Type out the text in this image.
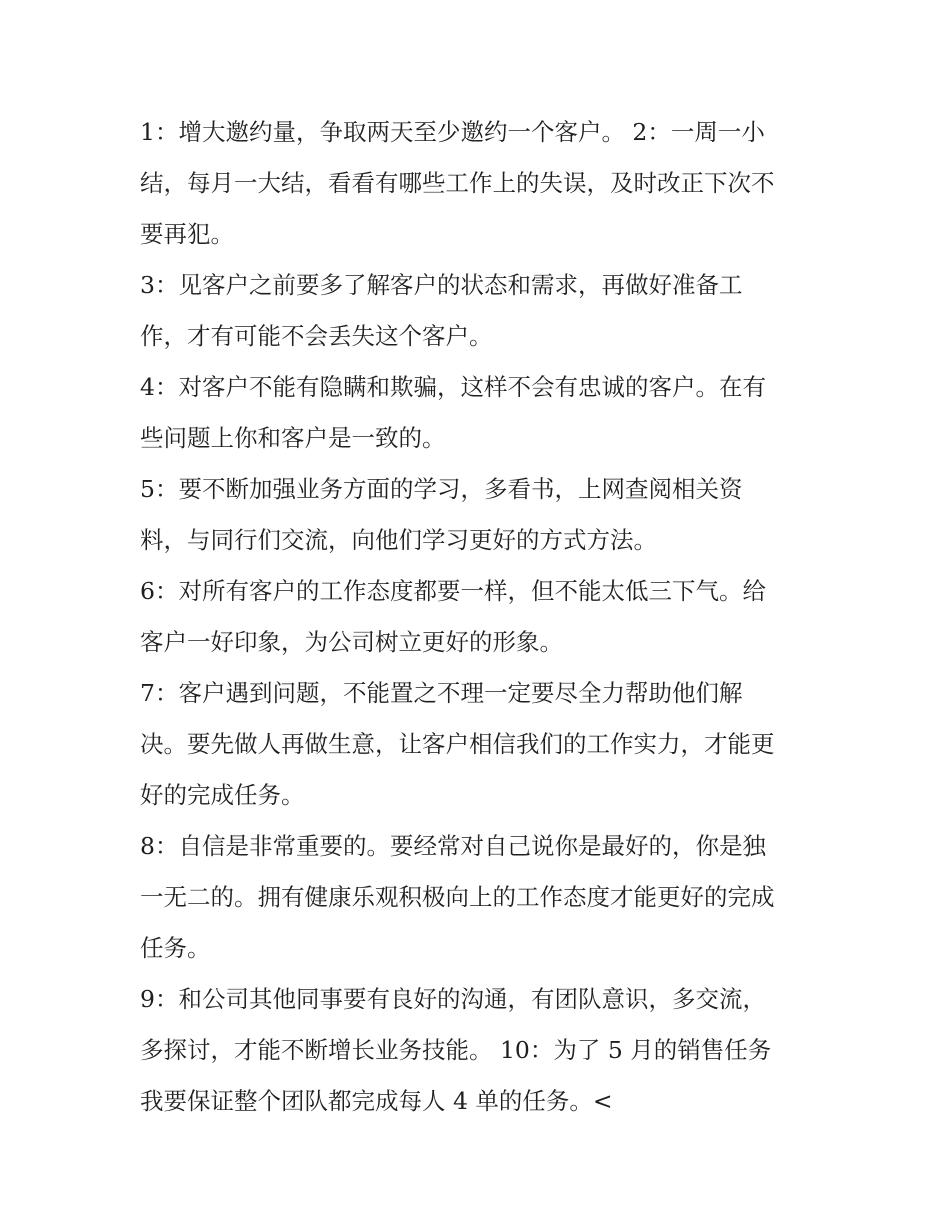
1：增大邀约量，争取两天至少邀约一个客户。 2：一周一小
结，每月一大结，看看有哪些工作上的失误，及时改正下次不
要再犯。
3：见客户之前要多了解客户的状态和需求，再做好准备工
作，才有可能不会丢失这个客户。
4：对客户不能有隐瞒和欺骗，这样不会有忠诚的客户。在有
些问题上你和客户是一致的。
5：要不断加强业务方面的学习，多看书，上网查阅相关资
料，与同行们交流，向他们学习更好的方式方法。
6：对所有客户的工作态度都要一样，但不能太低三下气。给
客户一好印象，为公司树立更好的形象。
7：客户遇到问题，不能置之不理一定要尽全力帮助他们解
决。要先做人再做生意，让客户相信我们的工作实力，才能更
好的完成任务。
8：自信是非常重要的。要经常对自己说你是最好的，你是独
一无二的。拥有健康乐观积极向上的工作态度才能更好的完成
任务。
9：和公司其他同事要有良好的沟通，有团队意识，多交流，
多探讨，才能不断增长业务技能。 10：为了 5 月的销售任务
我要保证整个团队都完成每人 4 单的任务。<
